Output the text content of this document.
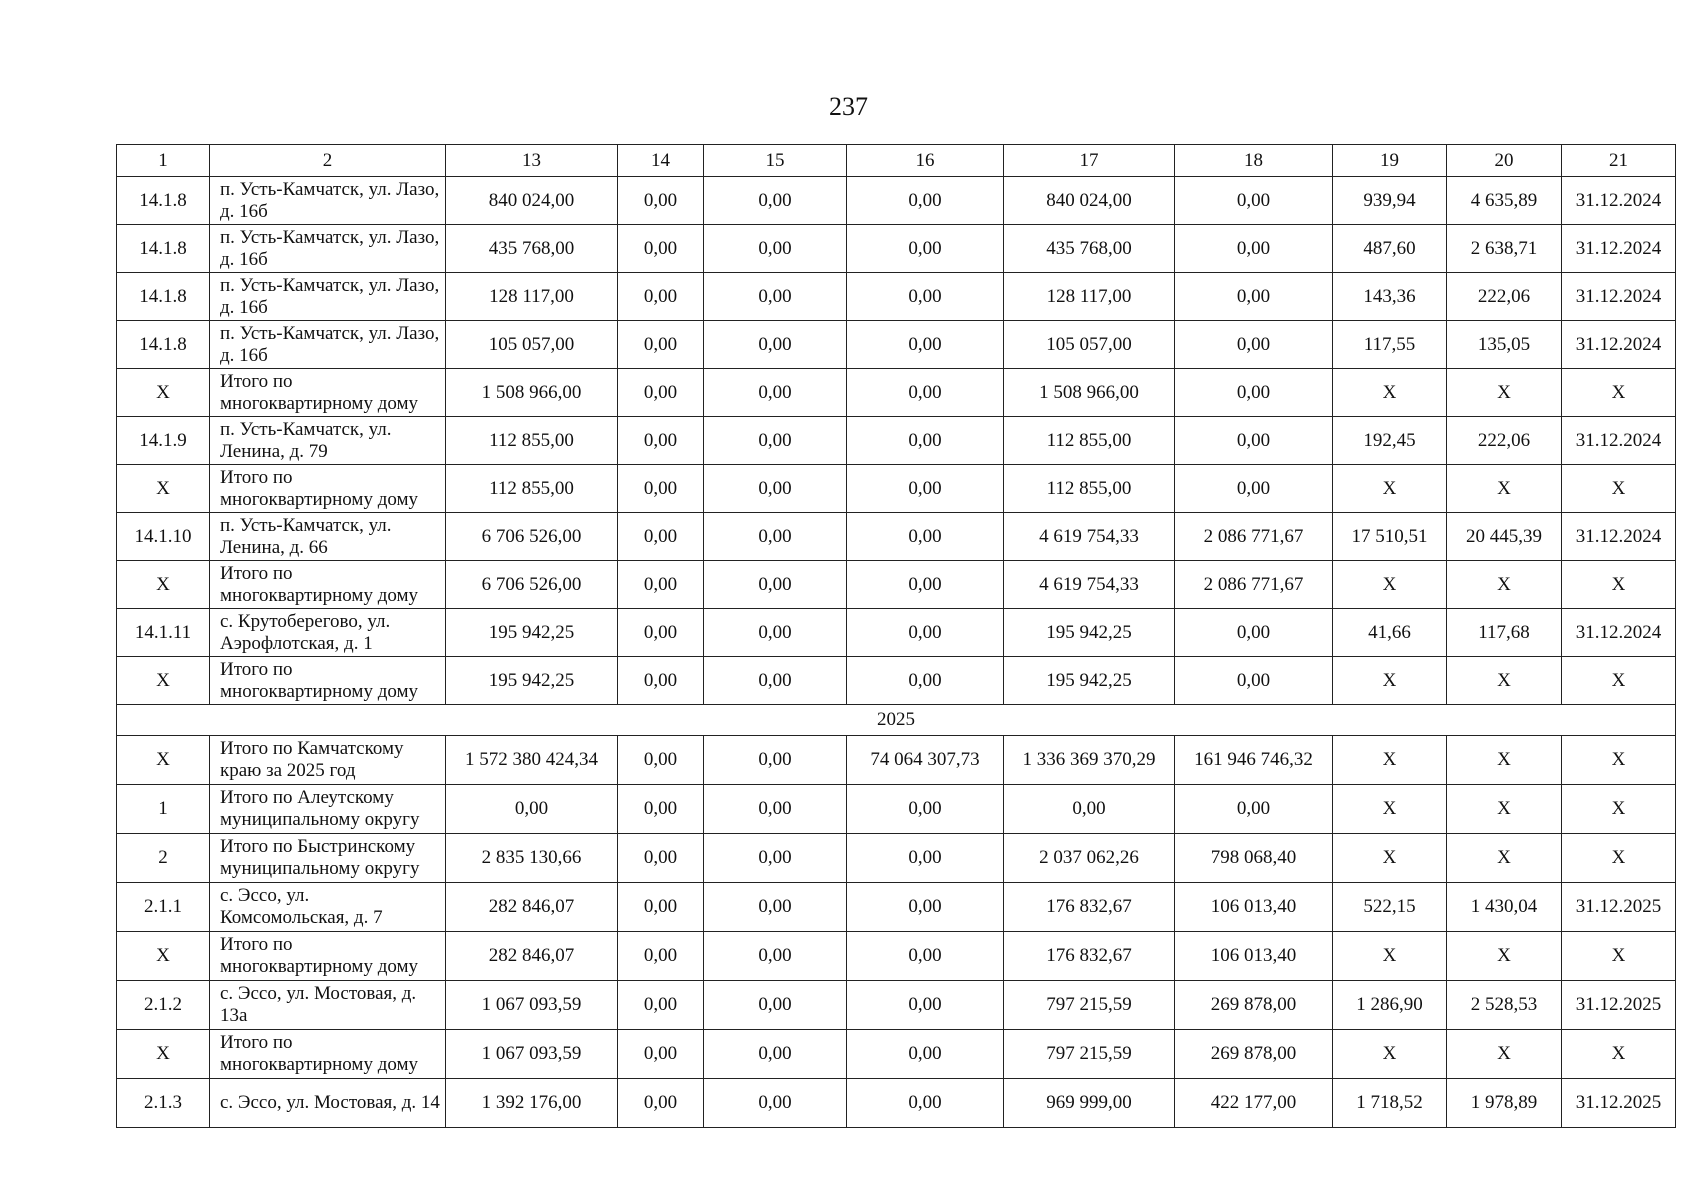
237
1	2	13	14	15	16	17	18	19	20	21
14.1.8	п. Усть-Камчатск, ул. Лазо, д. 16б	840 024,00	0,00	0,00	0,00	840 024,00	0,00	939,94	4 635,89	31.12.2024
14.1.8	п. Усть-Камчатск, ул. Лазо, д. 16б	435 768,00	0,00	0,00	0,00	435 768,00	0,00	487,60	2 638,71	31.12.2024
14.1.8	п. Усть-Камчатск, ул. Лазо, д. 16б	128 117,00	0,00	0,00	0,00	128 117,00	0,00	143,36	222,06	31.12.2024
14.1.8	п. Усть-Камчатск, ул. Лазо, д. 16б	105 057,00	0,00	0,00	0,00	105 057,00	0,00	117,55	135,05	31.12.2024
Х	Итого по многоквартирному дому	1 508 966,00	0,00	0,00	0,00	1 508 966,00	0,00	Х	Х	Х
14.1.9	п. Усть-Камчатск, ул. Ленина, д. 79	112 855,00	0,00	0,00	0,00	112 855,00	0,00	192,45	222,06	31.12.2024
Х	Итого по многоквартирному дому	112 855,00	0,00	0,00	0,00	112 855,00	0,00	Х	Х	Х
14.1.10	п. Усть-Камчатск, ул. Ленина, д. 66	6 706 526,00	0,00	0,00	0,00	4 619 754,33	2 086 771,67	17 510,51	20 445,39	31.12.2024
Х	Итого по многоквартирному дому	6 706 526,00	0,00	0,00	0,00	4 619 754,33	2 086 771,67	Х	Х	Х
14.1.11	с. Крутоберегово, ул. Аэрофлотская, д. 1	195 942,25	0,00	0,00	0,00	195 942,25	0,00	41,66	117,68	31.12.2024
Х	Итого по многоквартирному дому	195 942,25	0,00	0,00	0,00	195 942,25	0,00	Х	Х	Х
2025										
Х	Итого по Камчатскому краю за 2025 год	1 572 380 424,34	0,00	0,00	74 064 307,73	1 336 369 370,29	161 946 746,32	Х	Х	Х
1	Итого по Алеутскому муниципальному округу	0,00	0,00	0,00	0,00	0,00	0,00	Х	Х	Х
2	Итого по Быстринскому муниципальному округу	2 835 130,66	0,00	0,00	0,00	2 037 062,26	798 068,40	Х	Х	Х
2.1.1	с. Эссо, ул. Комсомольская, д. 7	282 846,07	0,00	0,00	0,00	176 832,67	106 013,40	522,15	1 430,04	31.12.2025
Х	Итого по многоквартирному дому	282 846,07	0,00	0,00	0,00	176 832,67	106 013,40	Х	Х	Х
2.1.2	с. Эссо, ул. Мостовая, д. 13а	1 067 093,59	0,00	0,00	0,00	797 215,59	269 878,00	1 286,90	2 528,53	31.12.2025
Х	Итого по многоквартирному дому	1 067 093,59	0,00	0,00	0,00	797 215,59	269 878,00	Х	Х	Х
2.1.3	с. Эссо, ул. Мостовая, д. 14	1 392 176,00	0,00	0,00	0,00	969 999,00	422 177,00	1 718,52	1 978,89	31.12.2025
